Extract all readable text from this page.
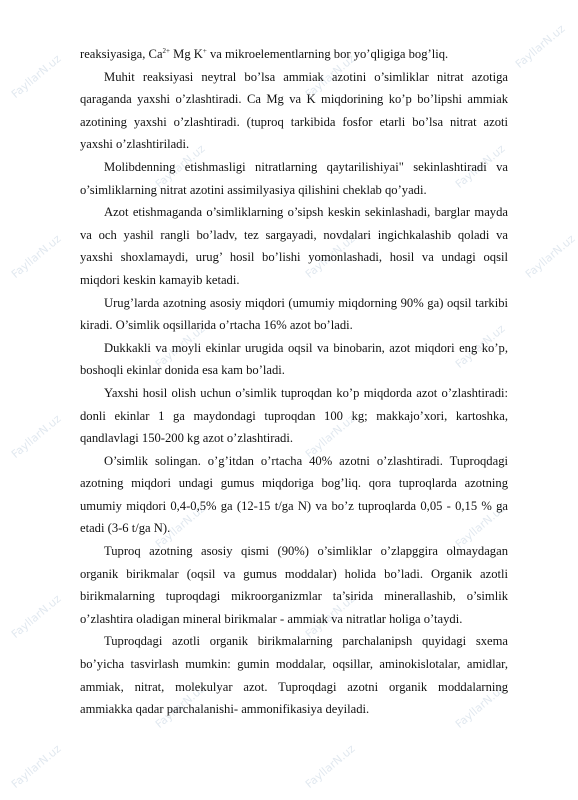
FayllarN.uz
FayllarN.uz
FayllarN.uz
FayllarN.uz
FayllarN.uz
FayllarN.uz
FayllarN.uz
FayllarN.uz
FayllarN.uz
FayllarN.uz
FayllarN.uz
FayllarN.uz
FayllarN.uz
FayllarN.uz
FayllarN.uz
FayllarN.uz
FayllarN.uz
FayllarN.uz
FayllarN.uz
FayllarN.uz

reaksiyasiga, $Ca^{2+}$ Mg K+ va mikroelementlarning bor yo’qligiga bog’liq.

Muhit reaksiyasi neytral bo’lsa ammiak azotini o’simliklar nitrat azotiga qaraganda yaxshi o’zlashtiradi. Ca Mg va K miqdorining ko’p bo’lipshi ammiak azotining yaxshi o’zlashtiradi. (tuproq tarkibida fosfor etarli bo’lsa nitrat azoti yaxshi o’zlashtiriladi.

Molibdenning etishmasligi nitratlarning qaytarilishiyai" sekinlashtiradi va o’simliklarning nitrat azotini assimilyasiya qilishini cheklab qo’yadi.

Azot etishmaganda o’simliklarning o’sipsh keskin sekinlashadi, barglar mayda va och yashil rangli bo’ladv, tez sargayadi, novdalari ingichkalashib qoladi va yaxshi shoxlamaydi, urug’ hosil bo’lishi yomonlashadi, hosil va undagi oqsil miqdori keskin kamayib ketadi.

Urug’larda azotning asosiy miqdori (umumiy miqdorning 90% ga) oqsil tarkibi kiradi. O’simlik oqsillarida o’rtacha 16% azot bo’ladi.

Dukkakli va moyli ekinlar urugida oqsil va binobarin, azot miqdori eng ko’p, boshoqli ekinlar donida esa kam bo’ladi.

Yaxshi hosil olish uchun o’simlik tuproqdan ko’p miqdorda azot o’zlashtiradi: donli ekinlar 1 ga maydondagi tuproqdan 100 kg; makkajo’xori, kartoshka, qandlavlagi 150-200 kg azot o’zlashtiradi.

O’simlik solingan. o’g’itdan o’rtacha 40% azotni o’zlashtiradi. Tuproqdagi azotning miqdori undagi gumus miqdoriga bog’liq. qora tuproqlarda azotning umumiy miqdori 0,4-0,5% ga (12-15 t/ga N) va bo’z tuproqlarda 0,05 - 0,15 % ga etadi (3-6 t/ga N).

Tuproq azotning asosiy qismi (90%) o’simliklar o’zlapggira olmaydagan organik birikmalar (oqsil va gumus moddalar) holida bo’ladi. Organik azotli birikmalarning tuproqdagi mikroorganizmlar ta’sirida minerallashib, o’simlik o’zlashtira oladigan mineral birikmalar - ammiak va nitratlar holiga o’taydi.

Tuproqdagi azotli organik birikmalarning parchalanipsh quyidagi sxema bo’yicha tasvirlash mumkin: gumin moddalar, oqsillar, aminokislotalar, amidlar, ammiak, nitrat, molekulyar azot. Tuproqdagi azotni organik moddalarning ammiakka qadar parchalanishi- ammonifikasiya deyiladi.
